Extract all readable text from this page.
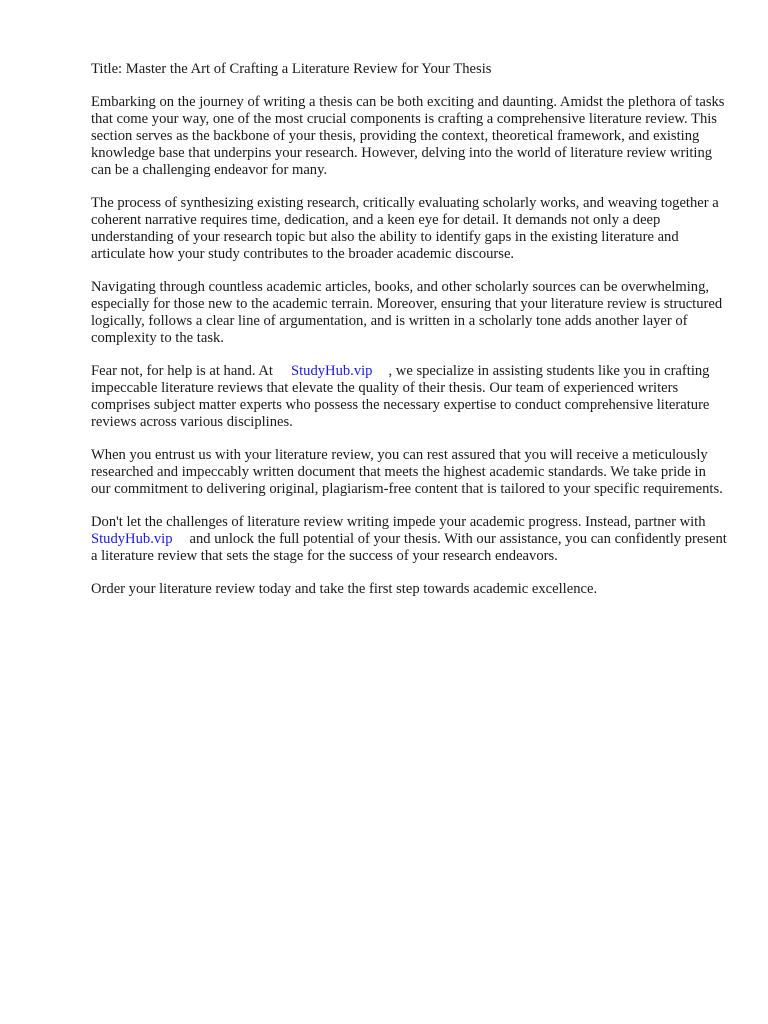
Title: Master the Art of Crafting a Literature Review for Your Thesis

Embarking on the journey of writing a thesis can be both exciting and daunting. Amidst the plethora of tasks that come your way, one of the most crucial components is crafting a comprehensive literature review. This section serves as the backbone of your thesis, providing the context, theoretical framework, and existing knowledge base that underpins your research. However, delving into the world of literature review writing can be a challenging endeavor for many.

The process of synthesizing existing research, critically evaluating scholarly works, and weaving together a coherent narrative requires time, dedication, and a keen eye for detail. It demands not only a deep understanding of your research topic but also the ability to identify gaps in the existing literature and articulate how your study contributes to the broader academic discourse.

Navigating through countless academic articles, books, and other scholarly sources can be overwhelming, especially for those new to the academic terrain. Moreover, ensuring that your literature review is structured logically, follows a clear line of argumentation, and is written in a scholarly tone adds another layer of complexity to the task.

Fear not, for help is at hand. At StudyHub.vip , we specialize in assisting students like you in crafting impeccable literature reviews that elevate the quality of their thesis. Our team of experienced writers comprises subject matter experts who possess the necessary expertise to conduct comprehensive literature reviews across various disciplines.

When you entrust us with your literature review, you can rest assured that you will receive a meticulously researched and impeccably written document that meets the highest academic standards. We take pride in our commitment to delivering original, plagiarism-free content that is tailored to your specific requirements.

Don't let the challenges of literature review writing impede your academic progress. Instead, partner withStudyHub.vip and unlock the full potential of your thesis. With our assistance, you can confidently present a literature review that sets the stage for the success of your research endeavors.

Order your literature review today and take the first step towards academic excellence.
